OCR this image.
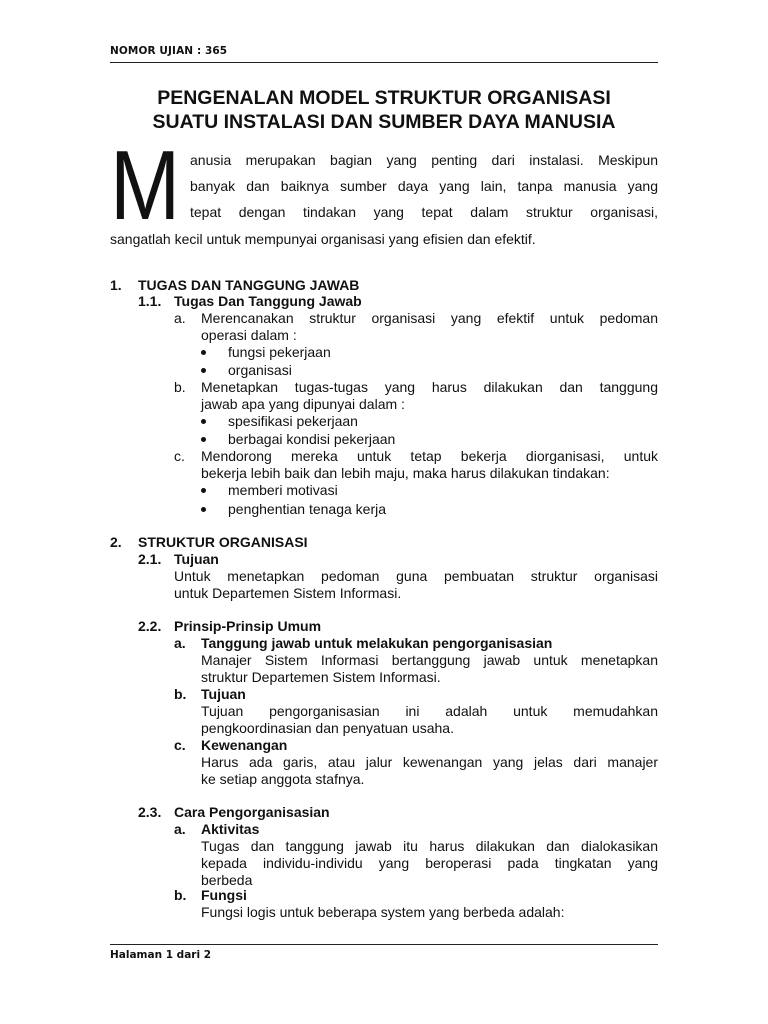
NOMOR UJIAN : 365
PENGENALAN MODEL STRUKTUR ORGANISASI
SUATU INSTALASI DAN SUMBER DAYA MANUSIA
M anusia merupakan bagian yang penting dari instalasi. Meskipun
banyak dan baiknya sumber daya yang lain, tanpa manusia yang
tepat dengan tindakan yang tepat dalam struktur organisasi,
sangatlah kecil untuk mempunyai organisasi yang efisien dan efektif.
1. TUGAS DAN TANGGUNG JAWAB
1.1. Tugas Dan Tanggung Jawab
a. Merencanakan struktur organisasi yang efektif untuk pedoman
operasi dalam :
fungsi pekerjaan
organisasi
b. Menetapkan tugas-tugas yang harus dilakukan dan tanggung
jawab apa yang dipunyai dalam :
spesifikasi pekerjaan
berbagai kondisi pekerjaan
c. Mendorong mereka untuk tetap bekerja diorganisasi, untuk
bekerja lebih baik dan lebih maju, maka harus dilakukan tindakan:
memberi motivasi
penghentian tenaga kerja
2. STRUKTUR ORGANISASI
2.1. Tujuan
Untuk menetapkan pedoman guna pembuatan struktur organisasi
untuk Departemen Sistem Informasi.
2.2. Prinsip-Prinsip Umum
a. Tanggung jawab untuk melakukan pengorganisasian
Manajer Sistem Informasi bertanggung jawab untuk menetapkan
struktur Departemen Sistem Informasi.
b. Tujuan
Tujuan pengorganisasian ini adalah untuk memudahkan
pengkoordinasian dan penyatuan usaha.
c. Kewenangan
Harus ada garis, atau jalur kewenangan yang jelas dari manajer
ke setiap anggota stafnya.
2.3. Cara Pengorganisasian
a. Aktivitas
Tugas dan tanggung jawab itu harus dilakukan dan dialokasikan
kepada individu-individu yang beroperasi pada tingkatan yang
berbeda
b. Fungsi
Fungsi logis untuk beberapa system yang berbeda adalah:
Halaman 1 dari 2
